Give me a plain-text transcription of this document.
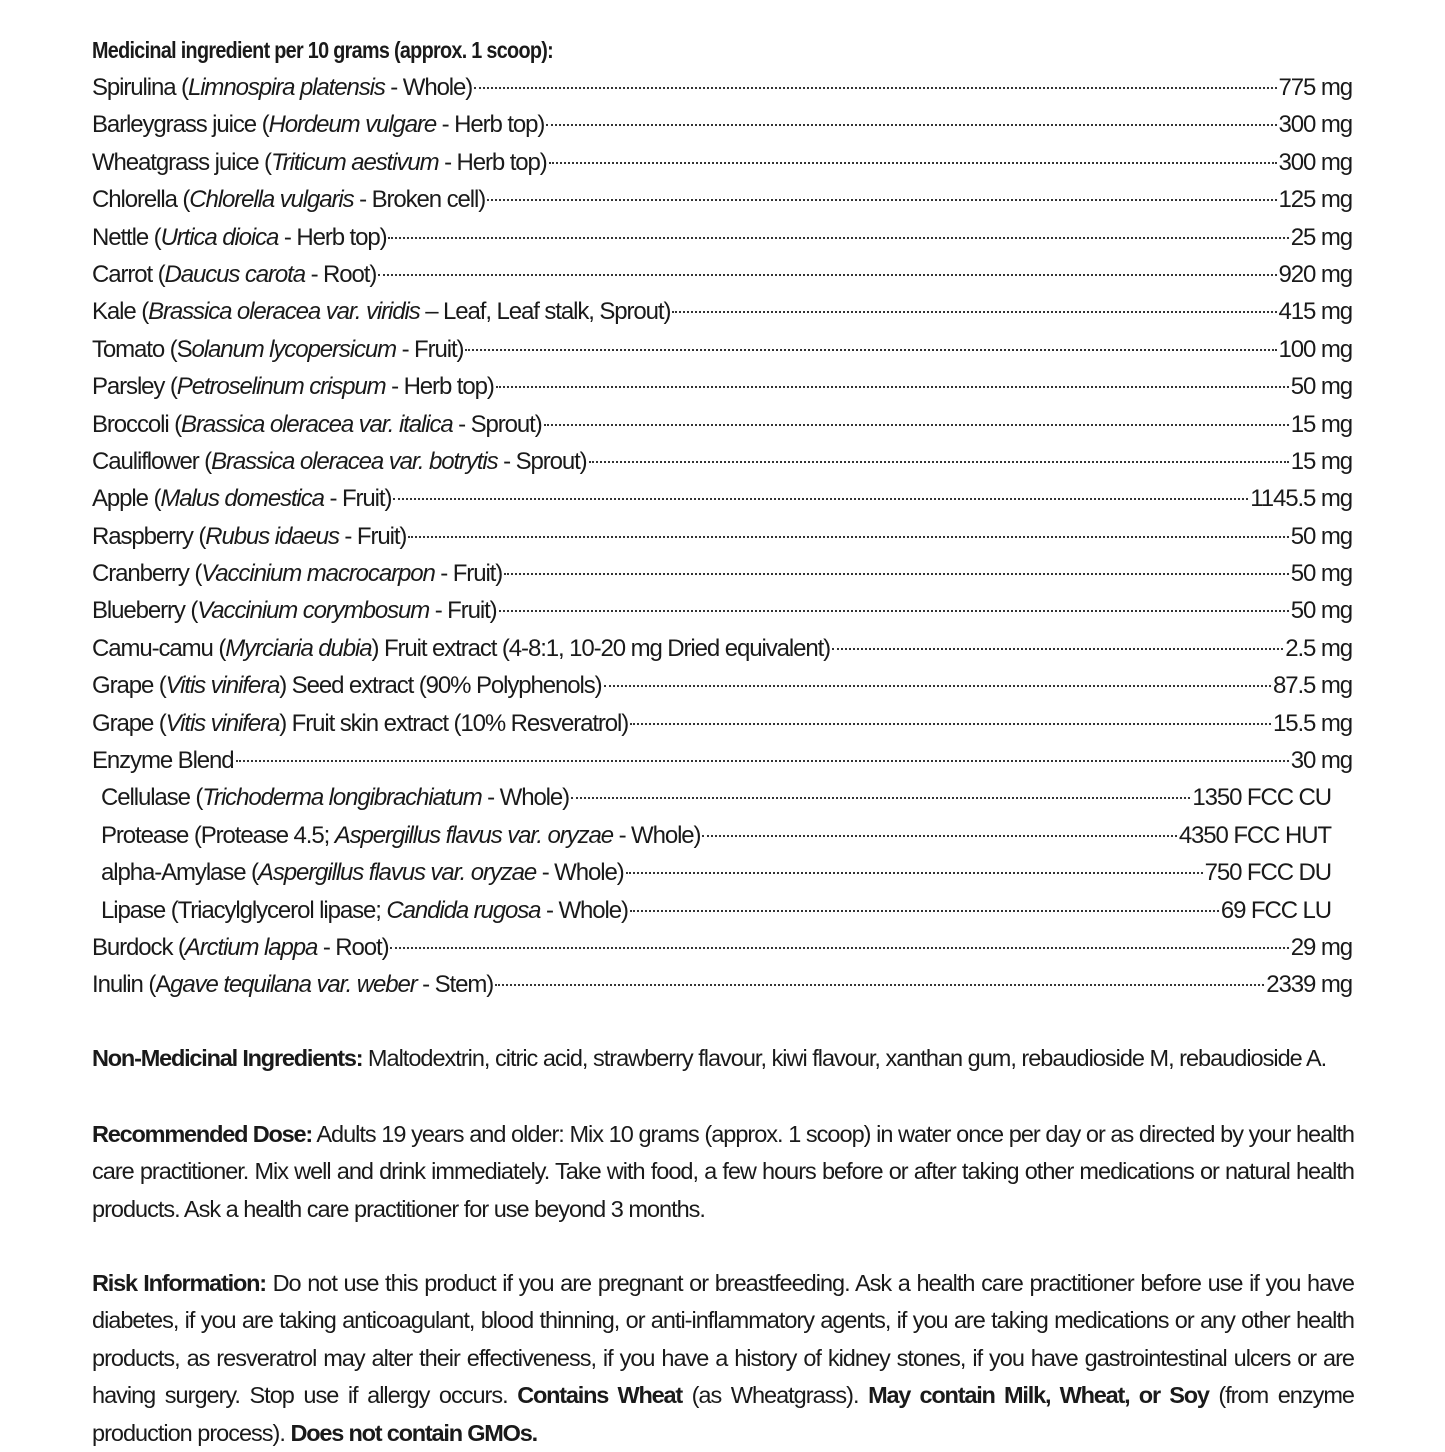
Medicinal ingredient per 10 grams (approx. 1 scoop):
Spirulina (Limnospira platensis - Whole)	775 mg
Barleygrass juice (Hordeum vulgare - Herb top)	300 mg
Wheatgrass juice (Triticum aestivum - Herb top)	300 mg
Chlorella (Chlorella vulgaris - Broken cell)	125 mg
Nettle (Urtica dioica - Herb top)	25 mg
Carrot (Daucus carota - Root)	920 mg
Kale (Brassica oleracea var. viridis – Leaf, Leaf stalk, Sprout)	415 mg
Tomato (Solanum lycopersicum - Fruit)	100 mg
Parsley (Petroselinum crispum - Herb top)	50 mg
Broccoli (Brassica oleracea var. italica - Sprout)	15 mg
Cauliflower (Brassica oleracea var. botrytis - Sprout)	15 mg
Apple (Malus domestica - Fruit)	1145.5 mg
Raspberry (Rubus idaeus - Fruit)	50 mg
Cranberry (Vaccinium macrocarpon - Fruit)	50 mg
Blueberry (Vaccinium corymbosum - Fruit)	50 mg
Camu-camu (Myrciaria dubia) Fruit extract (4-8:1, 10-20 mg Dried equivalent)	2.5 mg
Grape (Vitis vinifera) Seed extract (90% Polyphenols)	87.5 mg
Grape (Vitis vinifera) Fruit skin extract (10% Resveratrol)	15.5 mg
Enzyme Blend	30 mg
Cellulase (Trichoderma longibrachiatum - Whole)	1350 FCC CU
Protease (Protease 4.5; Aspergillus flavus var. oryzae - Whole)	4350 FCC HUT
alpha-Amylase (Aspergillus flavus var. oryzae - Whole)	750 FCC DU
Lipase (Triacylglycerol lipase; Candida rugosa - Whole)	69 FCC LU
Burdock (Arctium lappa - Root)	29 mg
Inulin (Agave tequilana var. weber - Stem)	2339 mg

Non-Medicinal Ingredients: Maltodextrin, citric acid, strawberry flavour, kiwi flavour, xanthan gum, rebaudioside M, rebaudioside A.

Recommended Dose: Adults 19 years and older: Mix 10 grams (approx. 1 scoop) in water once per day or as directed by your health care practitioner. Mix well and drink immediately. Take with food, a few hours before or after taking other medications or natural health products. Ask a health care practitioner for use beyond 3 months.

Risk Information: Do not use this product if you are pregnant or breastfeeding. Ask a health care practitioner before use if you have diabetes, if you are taking anticoagulant, blood thinning, or anti-inflammatory agents, if you are taking medications or any other health products, as resveratrol may alter their effectiveness, if you have a history of kidney stones, if you have gastrointestinal ulcers or are having surgery. Stop use if allergy occurs. Contains Wheat (as Wheatgrass). May contain Milk, Wheat, or Soy (from enzyme production process). Does not contain GMOs.
